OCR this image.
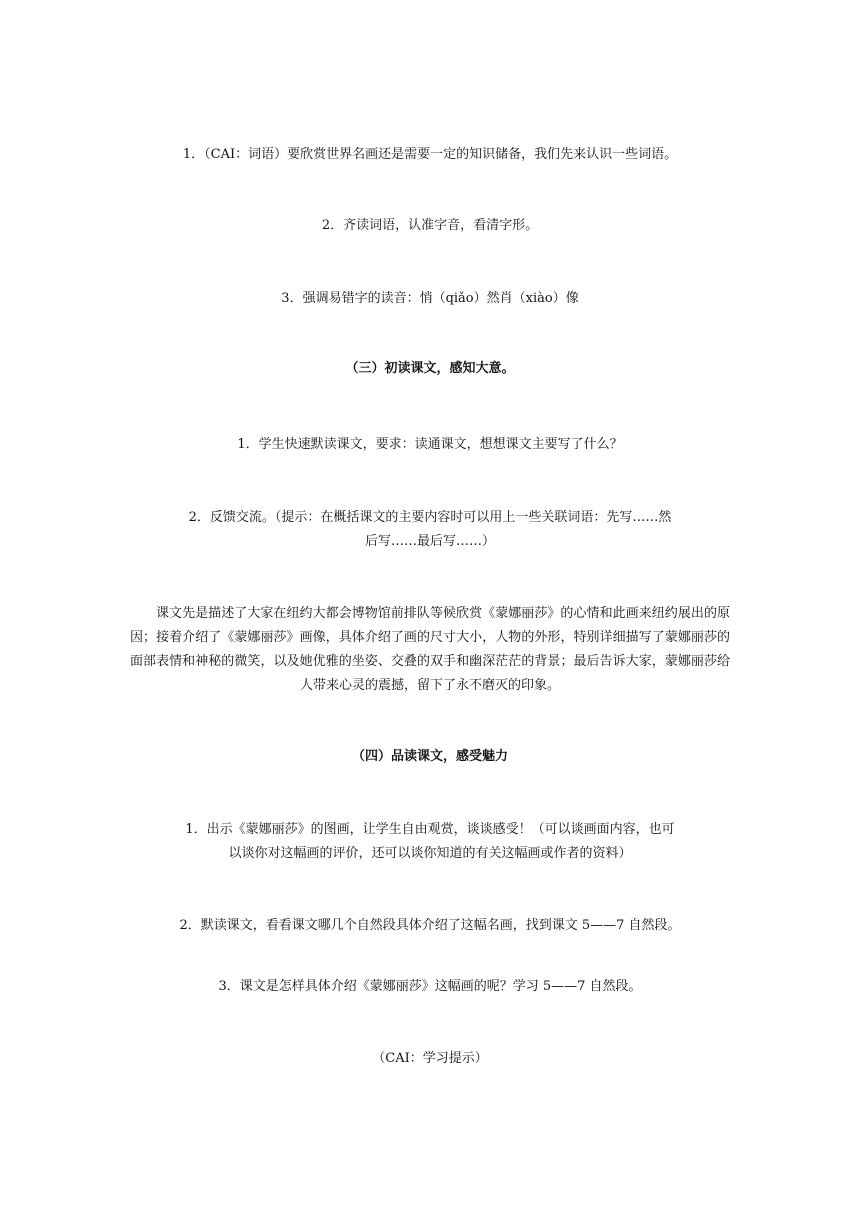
1．（CAI：词语）要欣赏世界名画还是需要一定的知识储备，我们先来认识一些词语。
2．齐读词语，认准字音，看清字形。
3．强调易错字的读音：悄（qiǎo）然肖（xiào）像
（三）初读课文，感知大意。
1．学生快速默读课文，要求：读通课文，想想课文主要写了什么？
2．反馈交流。（提示：在概括课文的主要内容时可以用上一些关联词语：先写……然
后写……最后写……）
课文先是描述了大家在纽约大都会博物馆前排队等候欣赏《蒙娜丽莎》的心情和此画来纽约展出的原因；接着介绍了《蒙娜丽莎》画像，具体介绍了画的尺寸大小，人物的外形，特别详细描写了蒙娜丽莎的面部表情和神秘的微笑，以及她优雅的坐姿、交叠的双手和幽深茫茫的背景；最后告诉大家，蒙娜丽莎给人带来心灵的震撼，留下了永不磨灭的印象。
（四）品读课文，感受魅力
1．出示《蒙娜丽莎》的图画，让学生自由观赏，谈谈感受！（可以谈画面内容，也可
以谈你对这幅画的评价，还可以谈你知道的有关这幅画或作者的资料）
2．默读课文，看看课文哪几个自然段具体介绍了这幅名画，找到课文 5——7 自然段。
3．课文是怎样具体介绍《蒙娜丽莎》这幅画的呢？学习 5——7 自然段。
（CAI：学习提示）
